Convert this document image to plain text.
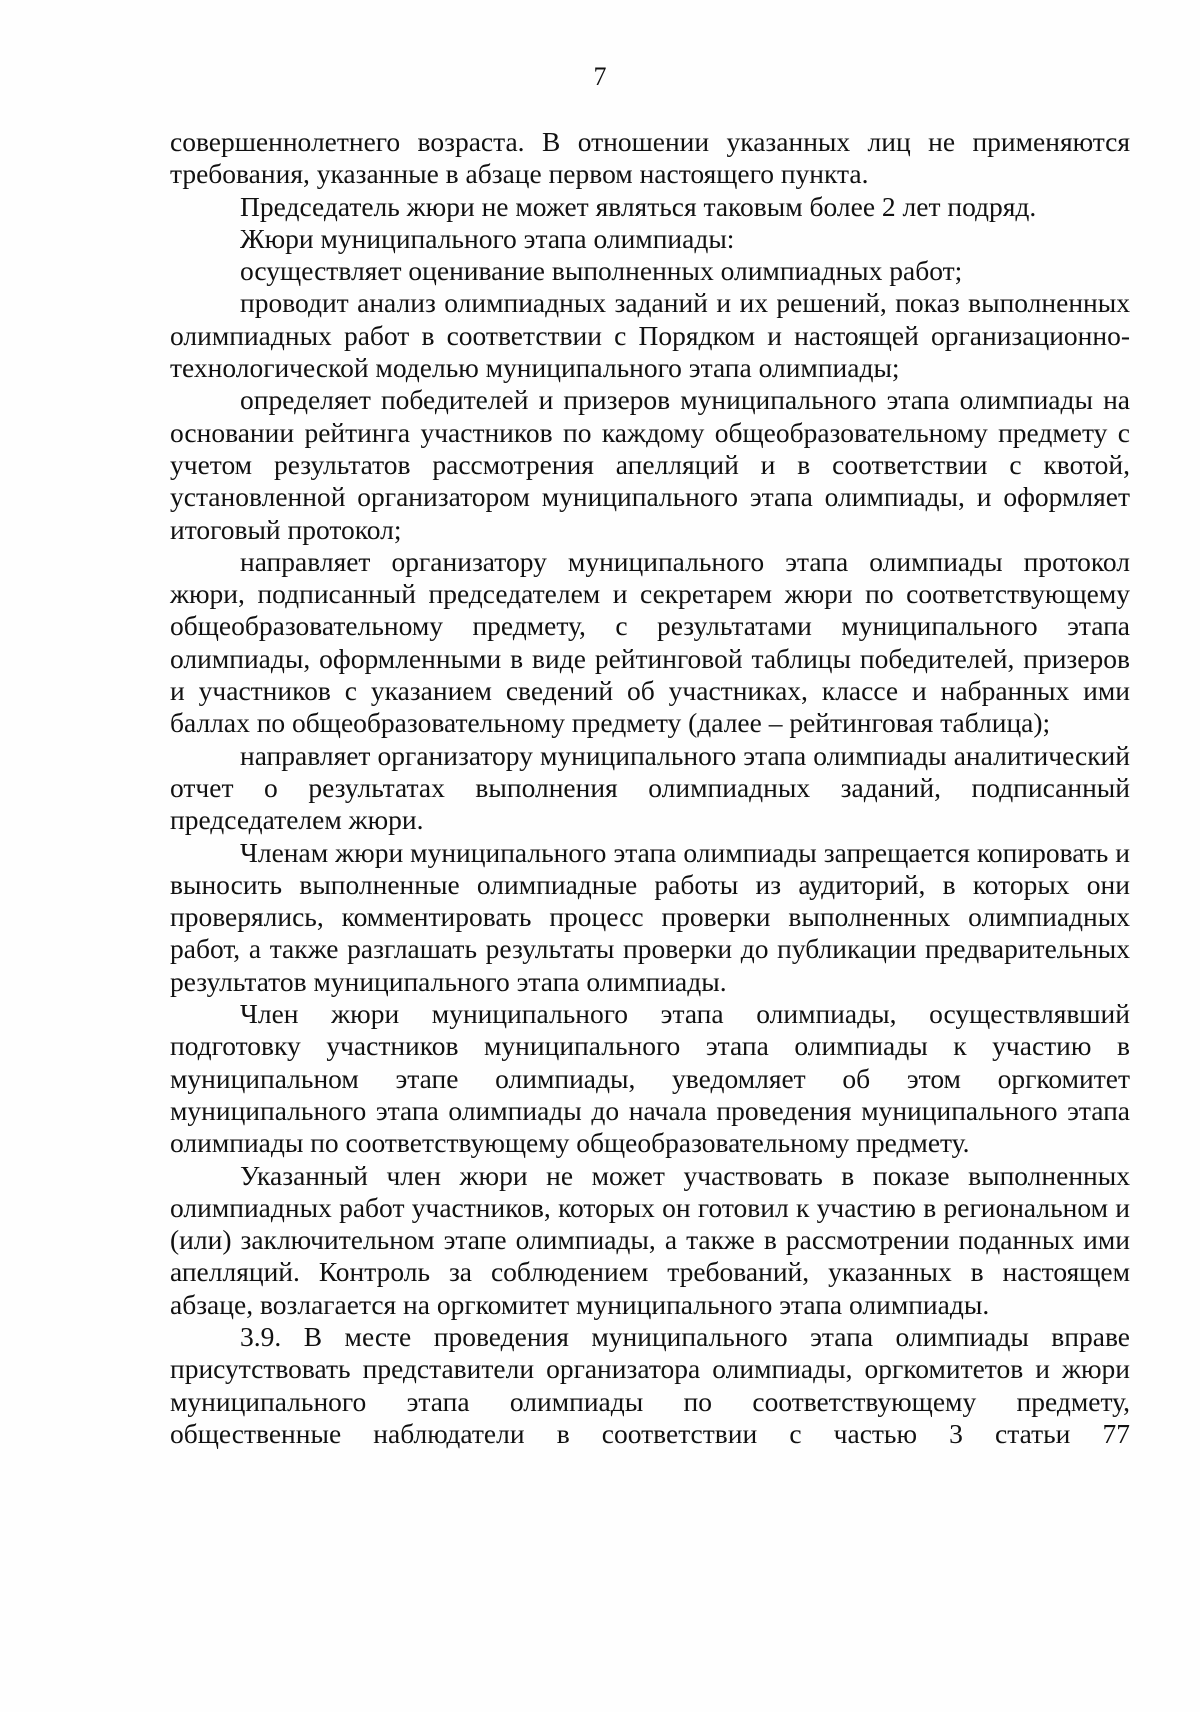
7

совершеннолетнего возраста. В отношении указанных лиц не применяются требования, указанные в абзаце первом настоящего пункта.

Председатель жюри не может являться таковым более 2 лет подряд.

Жюри муниципального этапа олимпиады:

осуществляет оценивание выполненных олимпиадных работ;

проводит анализ олимпиадных заданий и их решений, показ выполненных олимпиадных работ в соответствии с Порядком и настоящей организационно-технологической моделью муниципального этапа олимпиады;

определяет победителей и призеров муниципального этапа олимпиады на основании рейтинга участников по каждому общеобразовательному предмету с учетом результатов рассмотрения апелляций и в соответствии с квотой, установленной организатором муниципального этапа олимпиады, и оформляет итоговый протокол;

направляет организатору муниципального этапа олимпиады протокол жюри, подписанный председателем и секретарем жюри по соответствующему общеобразовательному предмету, с результатами муниципального этапа олимпиады, оформленными в виде рейтинговой таблицы победителей, призеров и участников с указанием сведений об участниках, классе и набранных ими баллах по общеобразовательному предмету (далее – рейтинговая таблица);

направляет организатору муниципального этапа олимпиады аналитический отчет о результатах выполнения олимпиадных заданий, подписанный председателем жюри.

Членам жюри муниципального этапа олимпиады запрещается копировать и выносить выполненные олимпиадные работы из аудиторий, в которых они проверялись, комментировать процесс проверки выполненных олимпиадных работ, а также разглашать результаты проверки до публикации предварительных результатов муниципального этапа олимпиады.

Член жюри муниципального этапа олимпиады, осуществлявший подготовку участников муниципального этапа олимпиады к участию в муниципальном этапе олимпиады, уведомляет об этом оргкомитет муниципального этапа олимпиады до начала проведения муниципального этапа олимпиады по соответствующему общеобразовательному предмету.

Указанный член жюри не может участвовать в показе выполненных олимпиадных работ участников, которых он готовил к участию в региональном и (или) заключительном этапе олимпиады, а также в рассмотрении поданных ими апелляций. Контроль за соблюдением требований, указанных в настоящем абзаце, возлагается на оргкомитет муниципального этапа олимпиады.

3.9. В месте проведения муниципального этапа олимпиады вправе присутствовать представители организатора олимпиады, оргкомитетов и жюри муниципального этапа олимпиады по соответствующему предмету, общественные наблюдатели в соответствии с частью 3 статьи 77
